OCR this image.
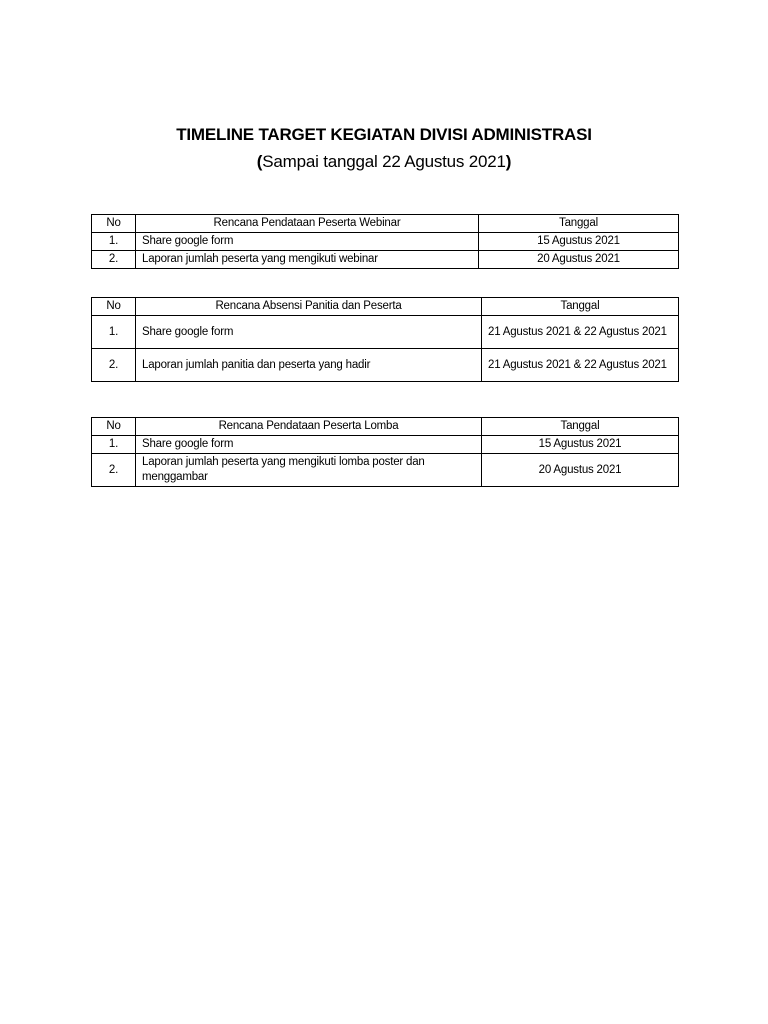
TIMELINE TARGET KEGIATAN DIVISI ADMINISTRASI
(Sampai tanggal 22 Agustus 2021)
No	Rencana Pendataan Peserta Webinar	Tanggal
1.	Share google form	15 Agustus 2021
2.	Laporan jumlah peserta yang mengikuti webinar	20 Agustus 2021
No	Rencana Absensi Panitia dan Peserta	Tanggal
1.	Share google form	21 Agustus 2021 & 22 Agustus 2021
2.	Laporan jumlah panitia dan peserta yang hadir	21 Agustus 2021 & 22 Agustus 2021
No	Rencana Pendataan Peserta Lomba	Tanggal
1.	Share google form	15 Agustus 2021
2.	Laporan jumlah peserta yang mengikuti lomba poster dan menggambar	20 Agustus 2021
